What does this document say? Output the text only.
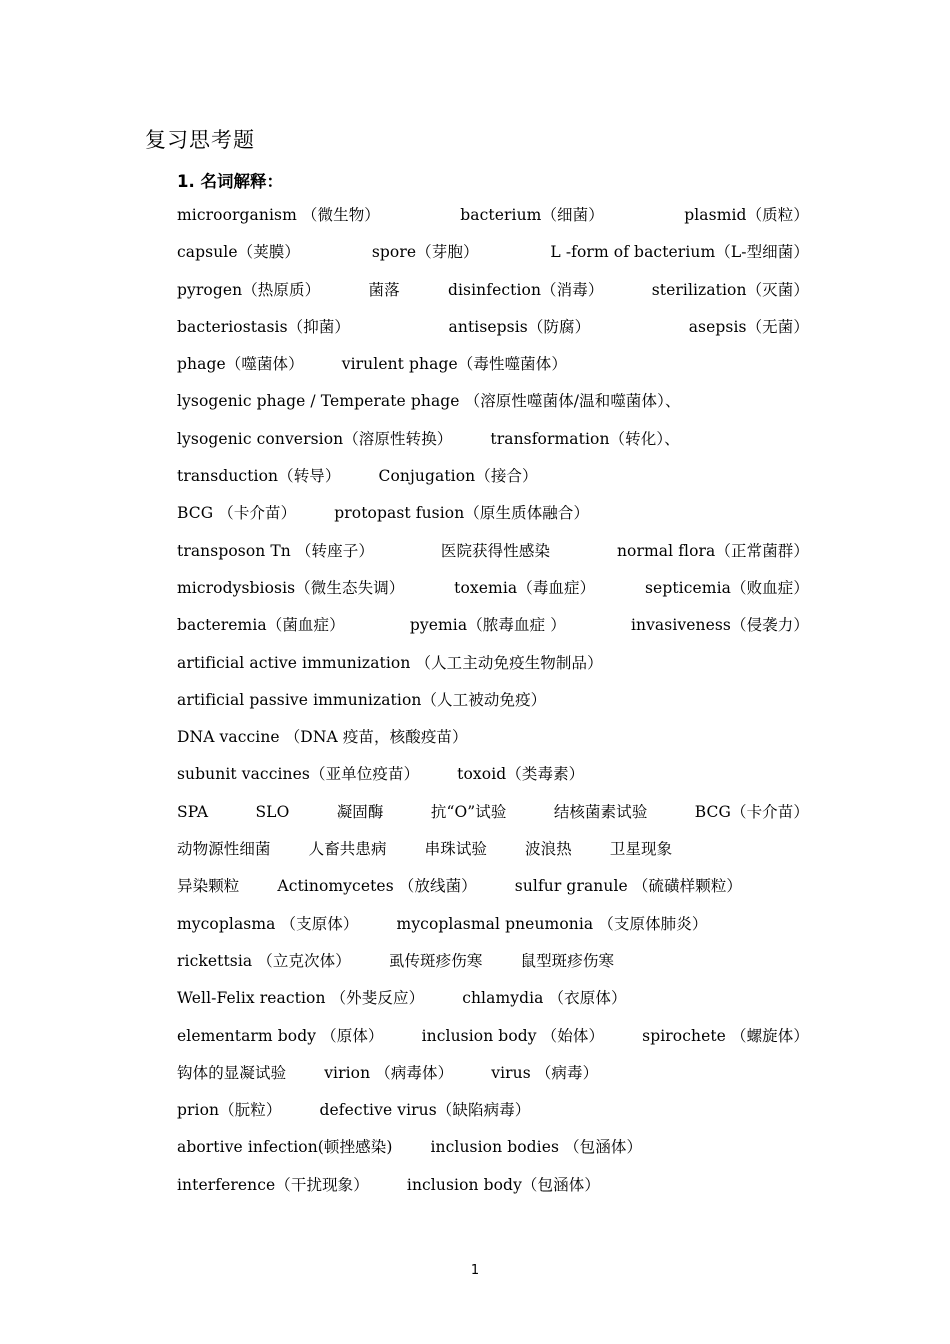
复习思考题
1. 名词解释：
microorganism （微生物）	bacterium（细菌）	plasmid（质粒）
capsule（荚膜）	spore（芽胞）	L -form of bacterium（L-型细菌）
pyrogen（热原质）	菌落	disinfection（消毒）	sterilization（灭菌）
bacteriostasis（抑菌）	antisepsis（防腐）	asepsis（无菌）
phage（噬菌体） virulent phage（毒性噬菌体）
lysogenic phage / Temperate phage （溶原性噬菌体/温和噬菌体）、
lysogenic conversion（溶原性转换） transformation（转化）、
transduction（转导） Conjugation（接合）
BCG （卡介苗） protopast fusion（原生质体融合）
transposon Tn （转座子）	医院获得性感染	normal flora（正常菌群）
microdysbiosis（微生态失调）	toxemia（毒血症）	septicemia（败血症）
bacteremia（菌血症）	pyemia（脓毒血症 ）	invasiveness（侵袭力）
artificial active immunization （人工主动免疫生物制品）
artificial passive immunization（人工被动免疫）
DNA vaccine （DNA 疫苗，核酸疫苗）
subunit vaccines（亚单位疫苗） toxoid（类毒素）
SPA	SLO	凝固酶	抗“O”试验	结核菌素试验	BCG（卡介苗）
动物源性细菌 人畜共患病 串珠试验 波浪热 卫星现象
异染颗粒 Actinomycetes （放线菌） sulfur granule （硫磺样颗粒）
mycoplasma （支原体） mycoplasmal pneumonia （支原体肺炎）
rickettsia （立克次体） 虱传斑疹伤寒 鼠型斑疹伤寒
Well-Felix reaction （外斐反应） chlamydia （衣原体）
elementarm body （原体） inclusion body （始体） spirochete （螺旋体）
钩体的显凝试验 virion （病毒体） virus （病毒）
prion（朊粒） defective virus（缺陷病毒）
abortive infection(顿挫感染) inclusion bodies （包涵体）
interference（干扰现象） inclusion body（包涵体）
1
